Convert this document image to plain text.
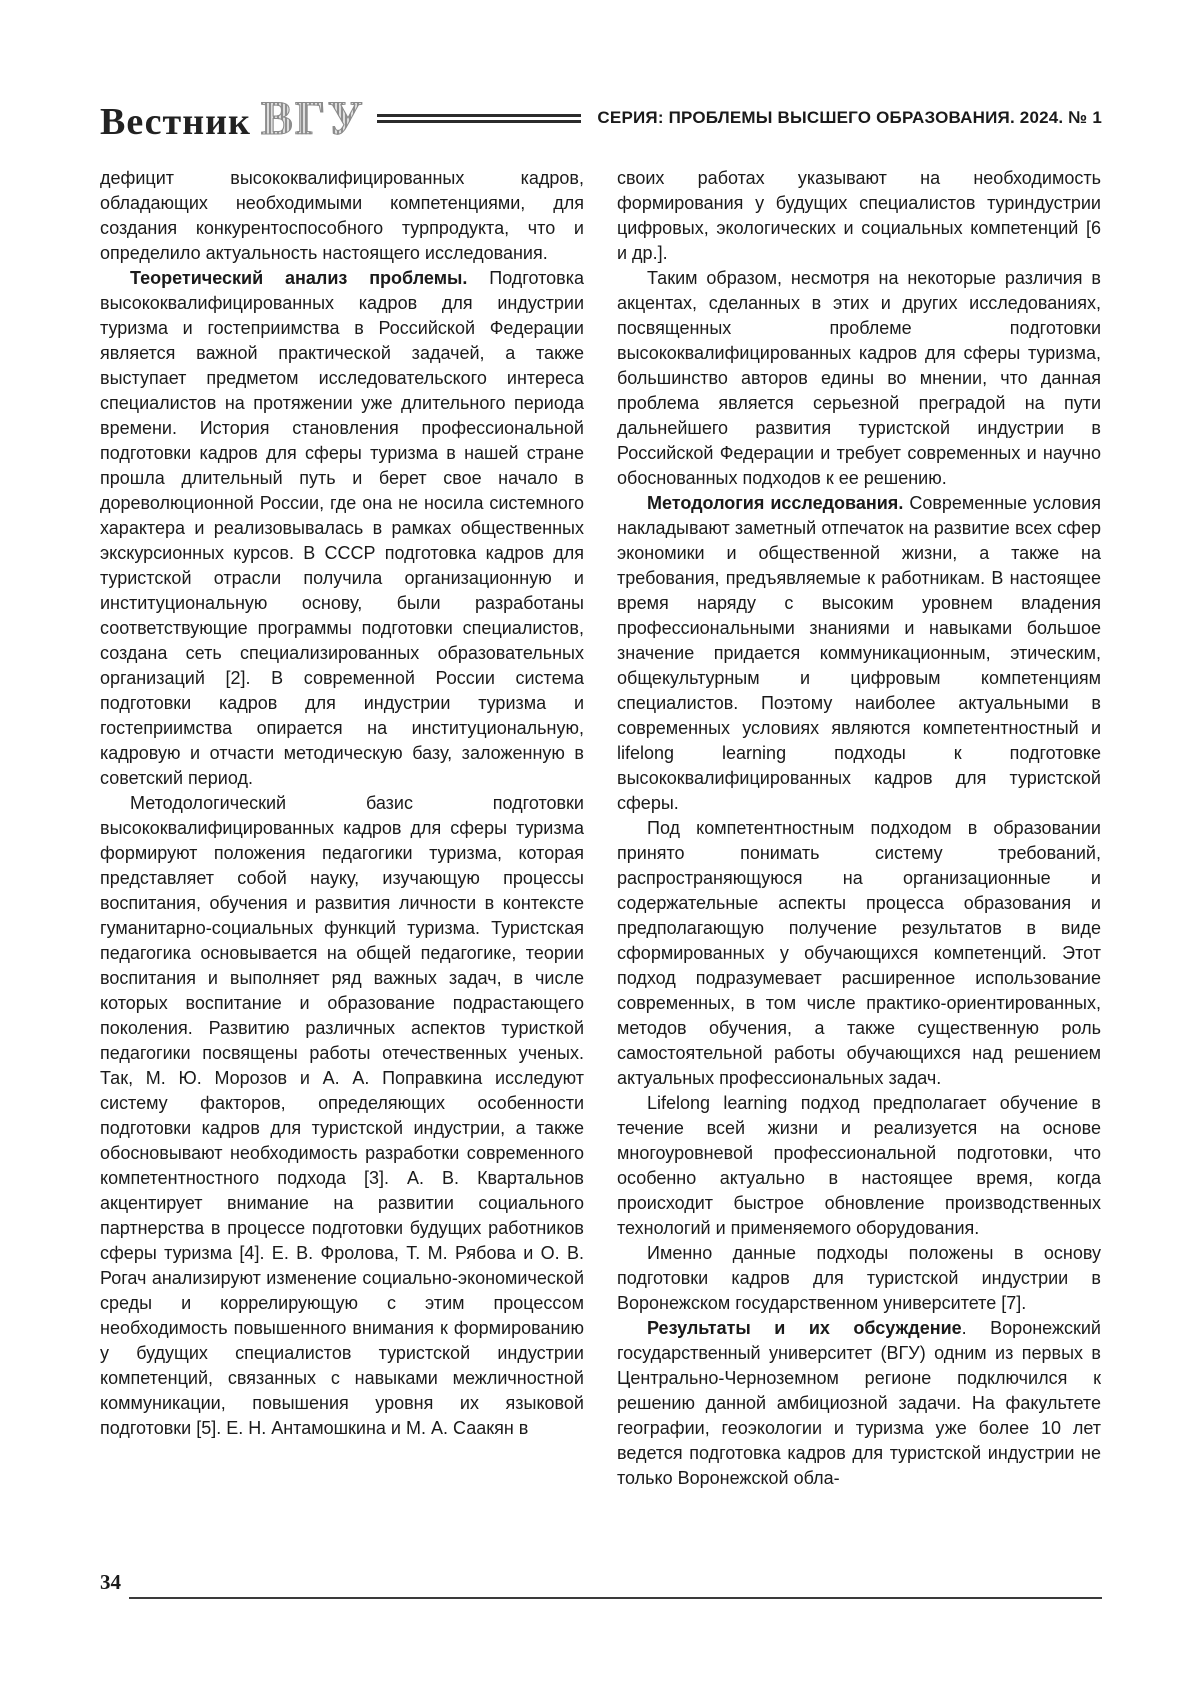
Вестник ВГУ	СЕРИЯ: ПРОБЛЕМЫ ВЫСШЕГО ОБРАЗОВАНИЯ. 2024. № 1

дефицит высококвалифицированных кадров, обладающих необходимыми компетенциями, для создания конкурентоспособного турпродукта, что и определило актуальность настоящего исследования.

Теоретический анализ проблемы. Подготовка высококвалифицированных кадров для индустрии туризма и гостеприимства в Российской Федерации является важной практической задачей, а также выступает предметом исследовательского интереса специалистов на протяжении уже длительного периода времени. История становления профессиональной подготовки кадров для сферы туризма в нашей стране прошла длительный путь и берет свое начало в дореволюционной России, где она не носила системного характера и реализовывалась в рамках общественных экскурсионных курсов. В СССР подготовка кадров для туристской отрасли получила организационную и институциональную основу, были разработаны соответствующие программы подготовки специалистов, создана сеть специализированных образовательных организаций [2]. В современной России система подготовки кадров для индустрии туризма и гостеприимства опирается на институциональную, кадровую и отчасти методическую базу, заложенную в советский период.

Методологический базис подготовки высококвалифицированных кадров для сферы туризма формируют положения педагогики туризма, которая представляет собой науку, изучающую процессы воспитания, обучения и развития личности в контексте гуманитарно-социальных функций туризма. Туристская педагогика основывается на общей педагогике, теории воспитания и выполняет ряд важных задач, в числе которых воспитание и образование подрастающего поколения. Развитию различных аспектов туристкой педагогики посвящены работы отечественных ученых. Так, М. Ю. Морозов и А. А. Поправкина исследуют систему факторов, определяющих особенности подготовки кадров для туристской индустрии, а также обосновывают необходимость разработки современного компетентностного подхода [3]. А. В. Квартальнов акцентирует внимание на развитии социального партнерства в процессе подготовки будущих работников сферы туризма [4]. Е. В. Фролова, Т. М. Рябова и О. В. Рогач анализируют изменение социально-экономической среды и коррелирующую с этим процессом необходимость повышенного внимания к формированию у будущих специалистов туристской индустрии компетенций, связанных с навыками межличностной коммуникации, повышения уровня их языковой подготовки [5]. Е. Н. Антамошкина и М. А. Саакян в

своих работах указывают на необходимость формирования у будущих специалистов туриндустрии цифровых, экологических и социальных компетенций [6 и др.].

Таким образом, несмотря на некоторые различия в акцентах, сделанных в этих и других исследованиях, посвященных проблеме подготовки высококвалифицированных кадров для сферы туризма, большинство авторов едины во мнении, что данная проблема является серьезной преградой на пути дальнейшего развития туристской индустрии в Российской Федерации и требует современных и научно обоснованных подходов к ее решению.

Методология исследования. Современные условия накладывают заметный отпечаток на развитие всех сфер экономики и общественной жизни, а также на требования, предъявляемые к работникам. В настоящее время наряду с высоким уровнем владения профессиональными знаниями и навыками большое значение придается коммуникационным, этическим, общекультурным и цифровым компетенциям специалистов. Поэтому наиболее актуальными в современных условиях являются компетентностный и lifelong learning подходы к подготовке высококвалифицированных кадров для туристской сферы.

Под компетентностным подходом в образовании принято понимать систему требований, распространяющуюся на организационные и содержательные аспекты процесса образования и предполагающую получение результатов в виде сформированных у обучающихся компетенций. Этот подход подразумевает расширенное использование современных, в том числе практико-ориентированных, методов обучения, а также существенную роль самостоятельной работы обучающихся над решением актуальных профессиональных задач.

Lifelong learning подход предполагает обучение в течение всей жизни и реализуется на основе многоуровневой профессиональной подготовки, что особенно актуально в настоящее время, когда происходит быстрое обновление производственных технологий и применяемого оборудования.

Именно данные подходы положены в основу подготовки кадров для туристской индустрии в Воронежском государственном университете [7].

Результаты и их обсуждение. Воронежский государственный университет (ВГУ) одним из первых в Центрально-Черноземном регионе подключился к решению данной амбициозной задачи. На факультете географии, геоэкологии и туризма уже более 10 лет ведется подготовка кадров для туристской индустрии не только Воронежской обла-

34
